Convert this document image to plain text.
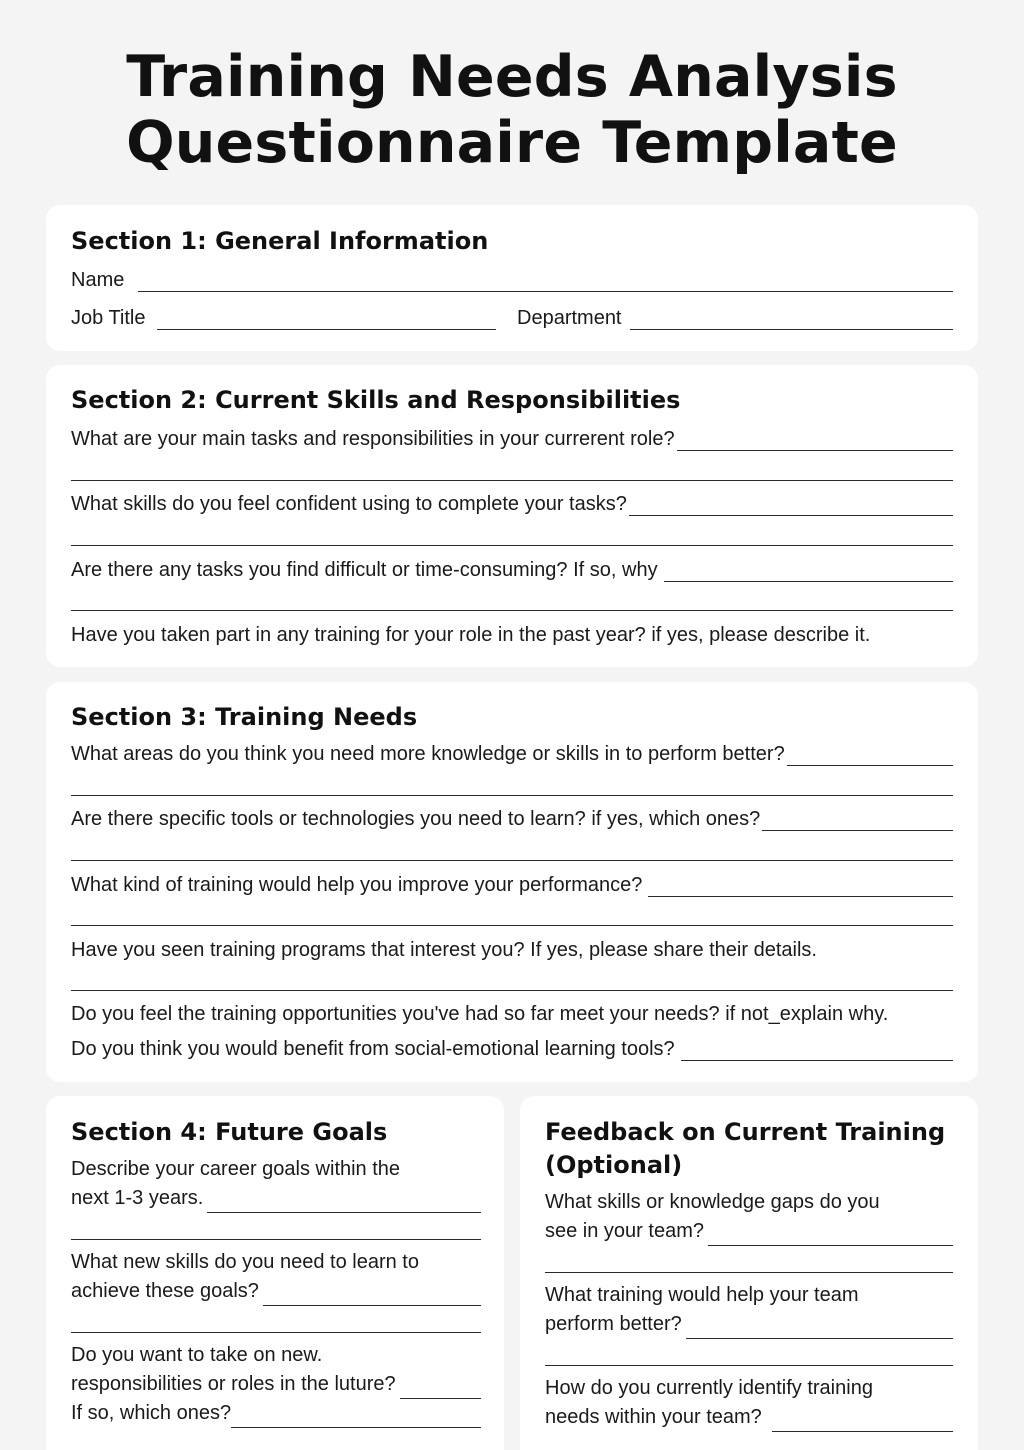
Training Needs Analysis
Questionnaire Template
Section 1: General Information
Name
Job Title	Department
Section 2: Current Skills and Responsibilities
What are your main tasks and responsibilities in your currerent role?
What skills do you feel confident using to complete your tasks?
Are there any tasks you find difficult or time-consuming? If so, why
Have you taken part in any training for your role in the past year? if yes, please describe it.
Section 3: Training Needs
What areas do you think you need more knowledge or skills in to perform better?
Are there specific tools or technologies you need to learn? if yes, which ones?
What kind of training would help you improve your performance?
Have you seen training programs that interest you? If yes, please share their details.
Do you feel the training opportunities you've had so far meet your needs? if not_explain why.
Do you think you would benefit from social-emotional learning tools?
Section 4: Future Goals
Describe your career goals within the
next 1-3 years.
What new skills do you need to learn to
achieve these goals?
Do you want to take on new.
responsibilities or roles in the luture?
If so, which ones?
Feedback on Current Training
(Optional)
What skills or knowledge gaps do you
see in your team?
What training would help your team
perform better?
How do you currently identify training
needs within your team?
